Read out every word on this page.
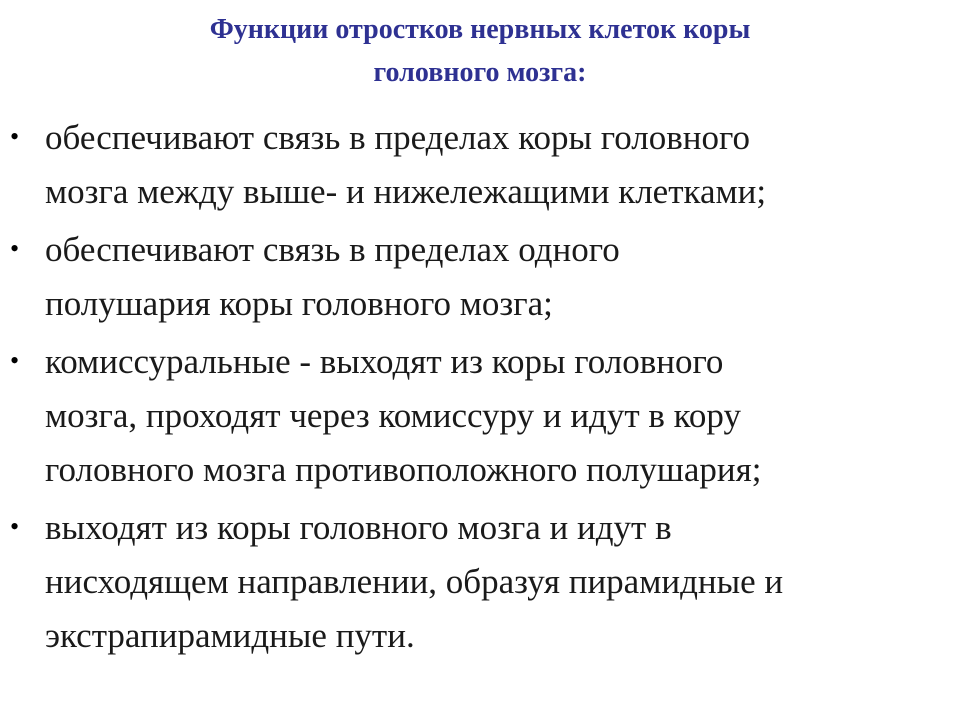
Функции отростков нервных клеток коры
головного мозга:
• обеспечивают связь в пределах коры головного
мозга между выше- и нижележащими клетками;
• обеспечивают связь в пределах одного
полушария коры головного мозга;
• комиссуральные - выходят из коры головного
мозга, проходят через комиссуру и идут в кору
головного мозга противоположного полушария;
• выходят из коры головного мозга и идут в
нисходящем направлении, образуя пирамидные и
экстрапирамидные пути.
